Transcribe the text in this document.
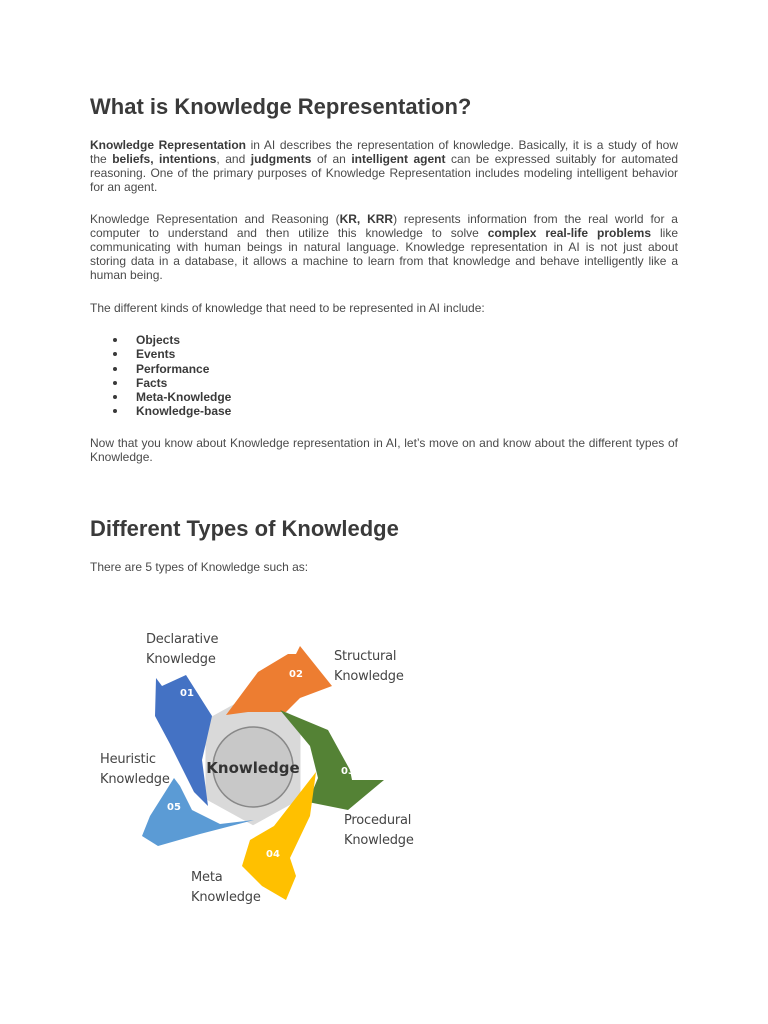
What is Knowledge Representation?

Knowledge Representation in AI describes the representation of knowledge. Basically, it is a study of how the beliefs, intentions, and judgments of an intelligent agent can be expressed suitably for automated reasoning. One of the primary purposes of Knowledge Representation includes modeling intelligent behavior for an agent.

Knowledge Representation and Reasoning (KR, KRR) represents information from the real world for a computer to understand and then utilize this knowledge to solve complex real-life problems like communicating with human beings in natural language. Knowledge representation in AI is not just about storing data in a database, it allows a machine to learn from that knowledge and behave intelligently like a human being.

The different kinds of knowledge that need to be represented in AI include:

Objects
Events
Performance
Facts
Meta-Knowledge
Knowledge-base

Now that you know about Knowledge representation in AI, let’s move on and know about the different types of Knowledge.

Different Types of Knowledge

There are 5 types of Knowledge such as:

01
02
03
04
05
Knowledge
Declarative
Knowledge	Structural
Knowledge
Procedural
Knowledge
Meta
Knowledge
Heuristic
Knowledge
